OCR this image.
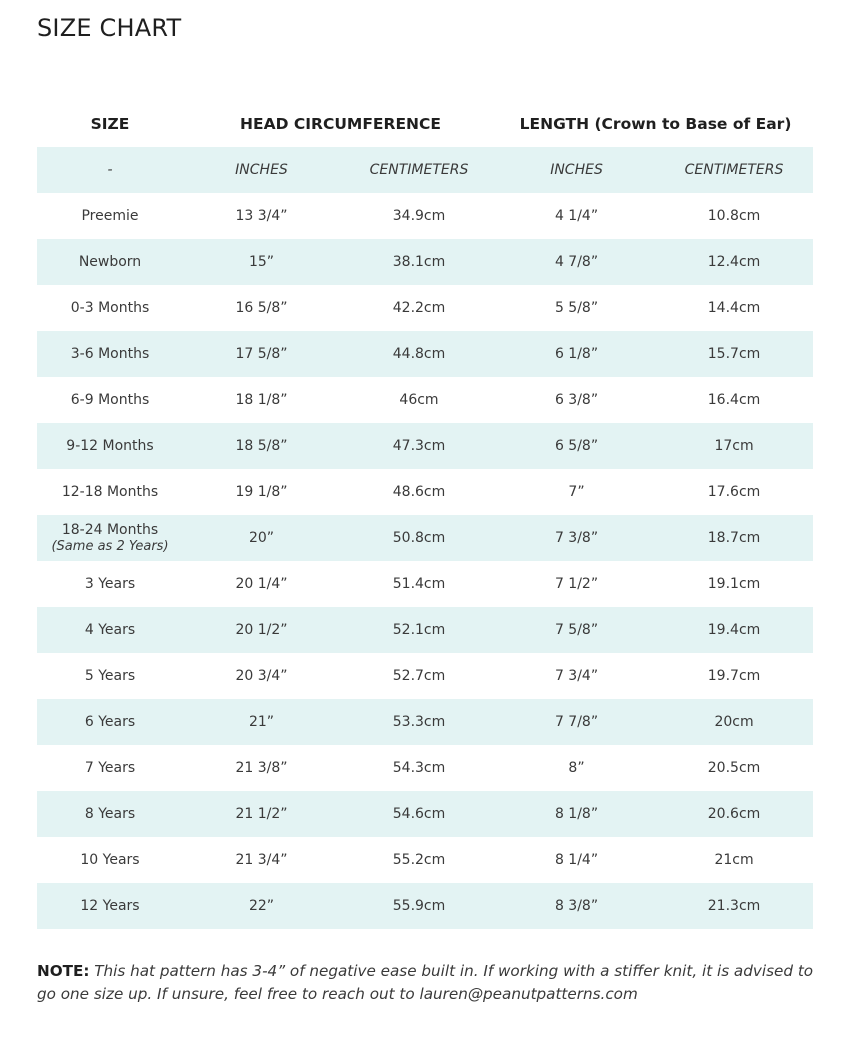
SIZE CHART
SIZE	HEAD CIRCUMFERENCE		LENGTH (Crown to Base of Ear)	
-	INCHES	CENTIMETERS	INCHES	CENTIMETERS
Preemie	13 3/4”	34.9cm	4 1/4”	10.8cm
Newborn	15”	38.1cm	4 7/8”	12.4cm
0-3 Months	16 5/8”	42.2cm	5 5/8”	14.4cm
3-6 Months	17 5/8”	44.8cm	6 1/8”	15.7cm
6-9 Months	18 1/8”	46cm	6 3/8”	16.4cm
9-12 Months	18 5/8”	47.3cm	6 5/8”	17cm
12-18 Months	19 1/8”	48.6cm	7”	17.6cm

18-24 Months
(Same as 2 Years)	20”	50.8cm	7 3/8”	18.7cm
3 Years	20 1/4”	51.4cm	7 1/2”	19.1cm
4 Years	20 1/2”	52.1cm	7 5/8”	19.4cm
5 Years	20 3/4”	52.7cm	7 3/4”	19.7cm
6 Years	21”	53.3cm	7 7/8”	20cm
7 Years	21 3/8”	54.3cm	8”	20.5cm
8 Years	21 1/2”	54.6cm	8 1/8”	20.6cm
10 Years	21 3/4”	55.2cm	8 1/4”	21cm
12 Years	22”	55.9cm	8 3/8”	21.3cm

NOTE: This hat pattern has 3-4” of negative ease built in. If working with a stiffer knit, it is advised to go one size up. If unsure, feel free to reach out to lauren@peanutpatterns.com
